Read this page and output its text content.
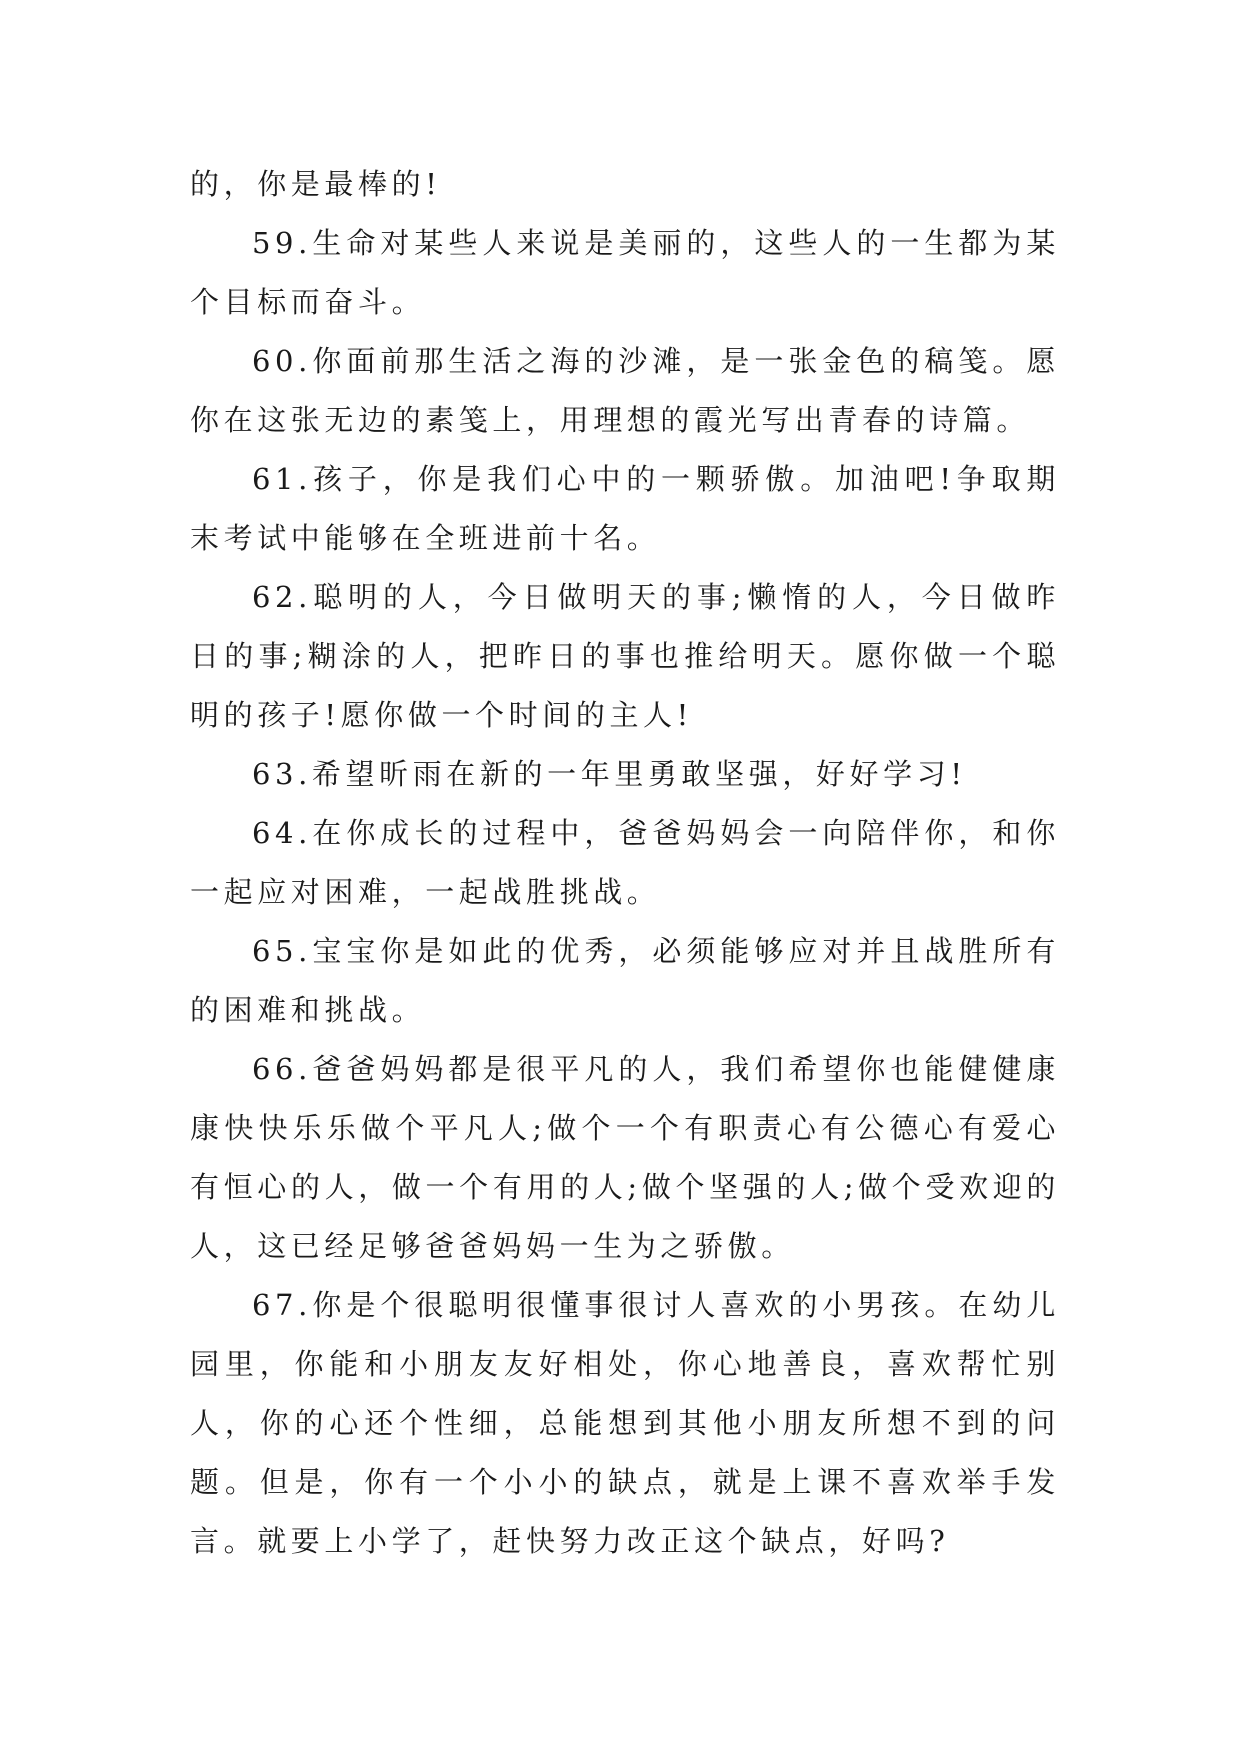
的，你是最棒的!

59.生命对某些人来说是美丽的，这些人的一生都为某个目标而奋斗。

60.你面前那生活之海的沙滩，是一张金色的稿笺。愿你在这张无边的素笺上，用理想的霞光写出青春的诗篇。

61.孩子，你是我们心中的一颗骄傲。加油吧!争取期末考试中能够在全班进前十名。

62.聪明的人，今日做明天的事;懒惰的人，今日做昨日的事;糊涂的人，把昨日的事也推给明天。愿你做一个聪明的孩子!愿你做一个时间的主人!

63.希望昕雨在新的一年里勇敢坚强，好好学习!

64.在你成长的过程中，爸爸妈妈会一向陪伴你，和你一起应对困难，一起战胜挑战。

65.宝宝你是如此的优秀，必须能够应对并且战胜所有的困难和挑战。

66.爸爸妈妈都是很平凡的人，我们希望你也能健健康康快快乐乐做个平凡人;做个一个有职责心有公德心有爱心有恒心的人，做一个有用的人;做个坚强的人;做个受欢迎的人，这已经足够爸爸妈妈一生为之骄傲。

67.你是个很聪明很懂事很讨人喜欢的小男孩。在幼儿园里，你能和小朋友友好相处，你心地善良，喜欢帮忙别人，你的心还个性细，总能想到其他小朋友所想不到的问题。但是，你有一个小小的缺点，就是上课不喜欢举手发言。就要上小学了，赶快努力改正这个缺点，好吗?
